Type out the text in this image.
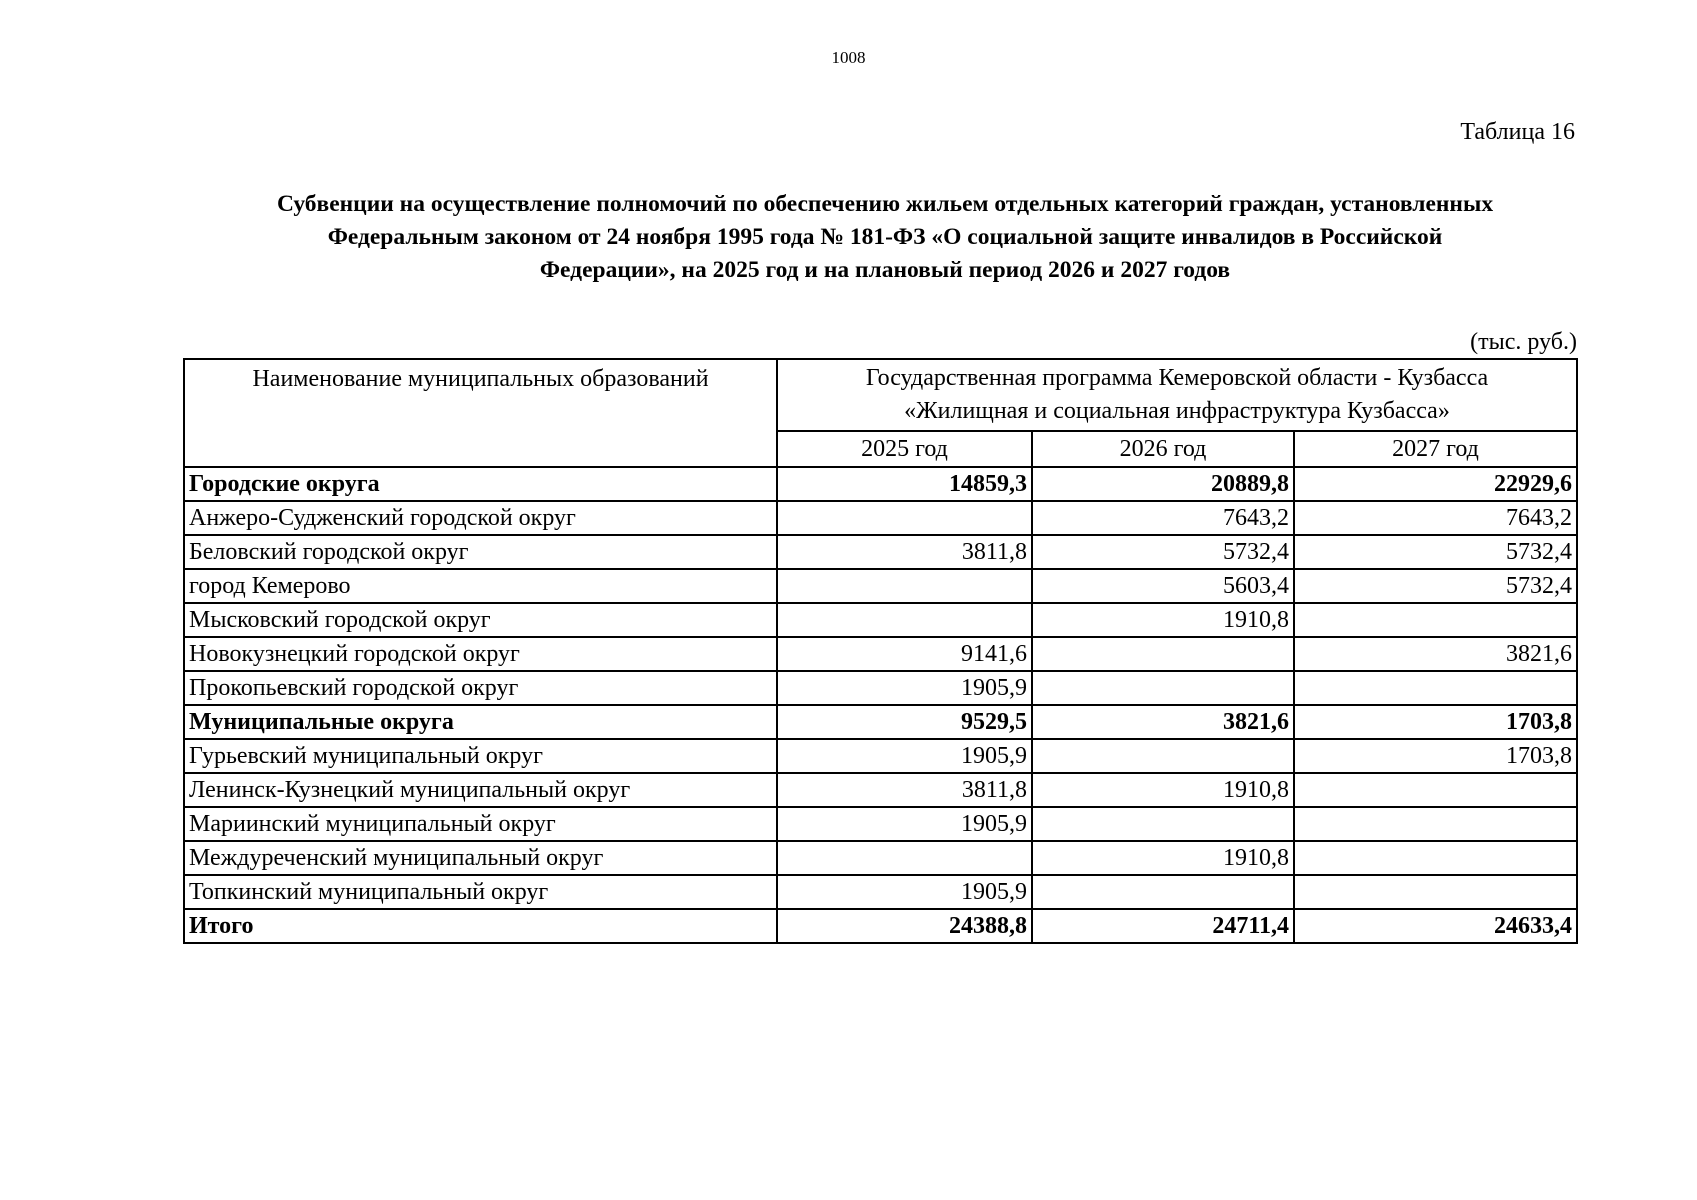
1008
Таблица 16
Субвенции на осуществление полномочий по обеспечению жильем отдельных категорий граждан, установленных
Федеральным законом от 24 ноября 1995 года № 181-ФЗ «О социальной защите инвалидов в Российской
Федерации», на 2025 год и на плановый период 2026 и 2027 годов
(тыс. руб.)
Наименование муниципальных образований	Государственная программа Кемеровской области - Кузбасса
«Жилищная и социальная инфраструктура Кузбасса»		

	2025 год	2026 год	2027 год
Городские округа	14859,3	20889,8	22929,6
Анжеро-Судженский городской округ		7643,2	7643,2
Беловский городской округ	3811,8	5732,4	5732,4
город Кемерово		5603,4	5732,4
Мысковский городской округ		1910,8	
Новокузнецкий городской округ	9141,6		3821,6
Прокопьевский городской округ	1905,9		
Муниципальные округа	9529,5	3821,6	1703,8
Гурьевский муниципальный округ	1905,9		1703,8
Ленинск-Кузнецкий муниципальный округ	3811,8	1910,8	
Мариинский муниципальный округ	1905,9		
Междуреченский муниципальный округ		1910,8	
Топкинский муниципальный округ	1905,9		
Итого	24388,8	24711,4	24633,4
